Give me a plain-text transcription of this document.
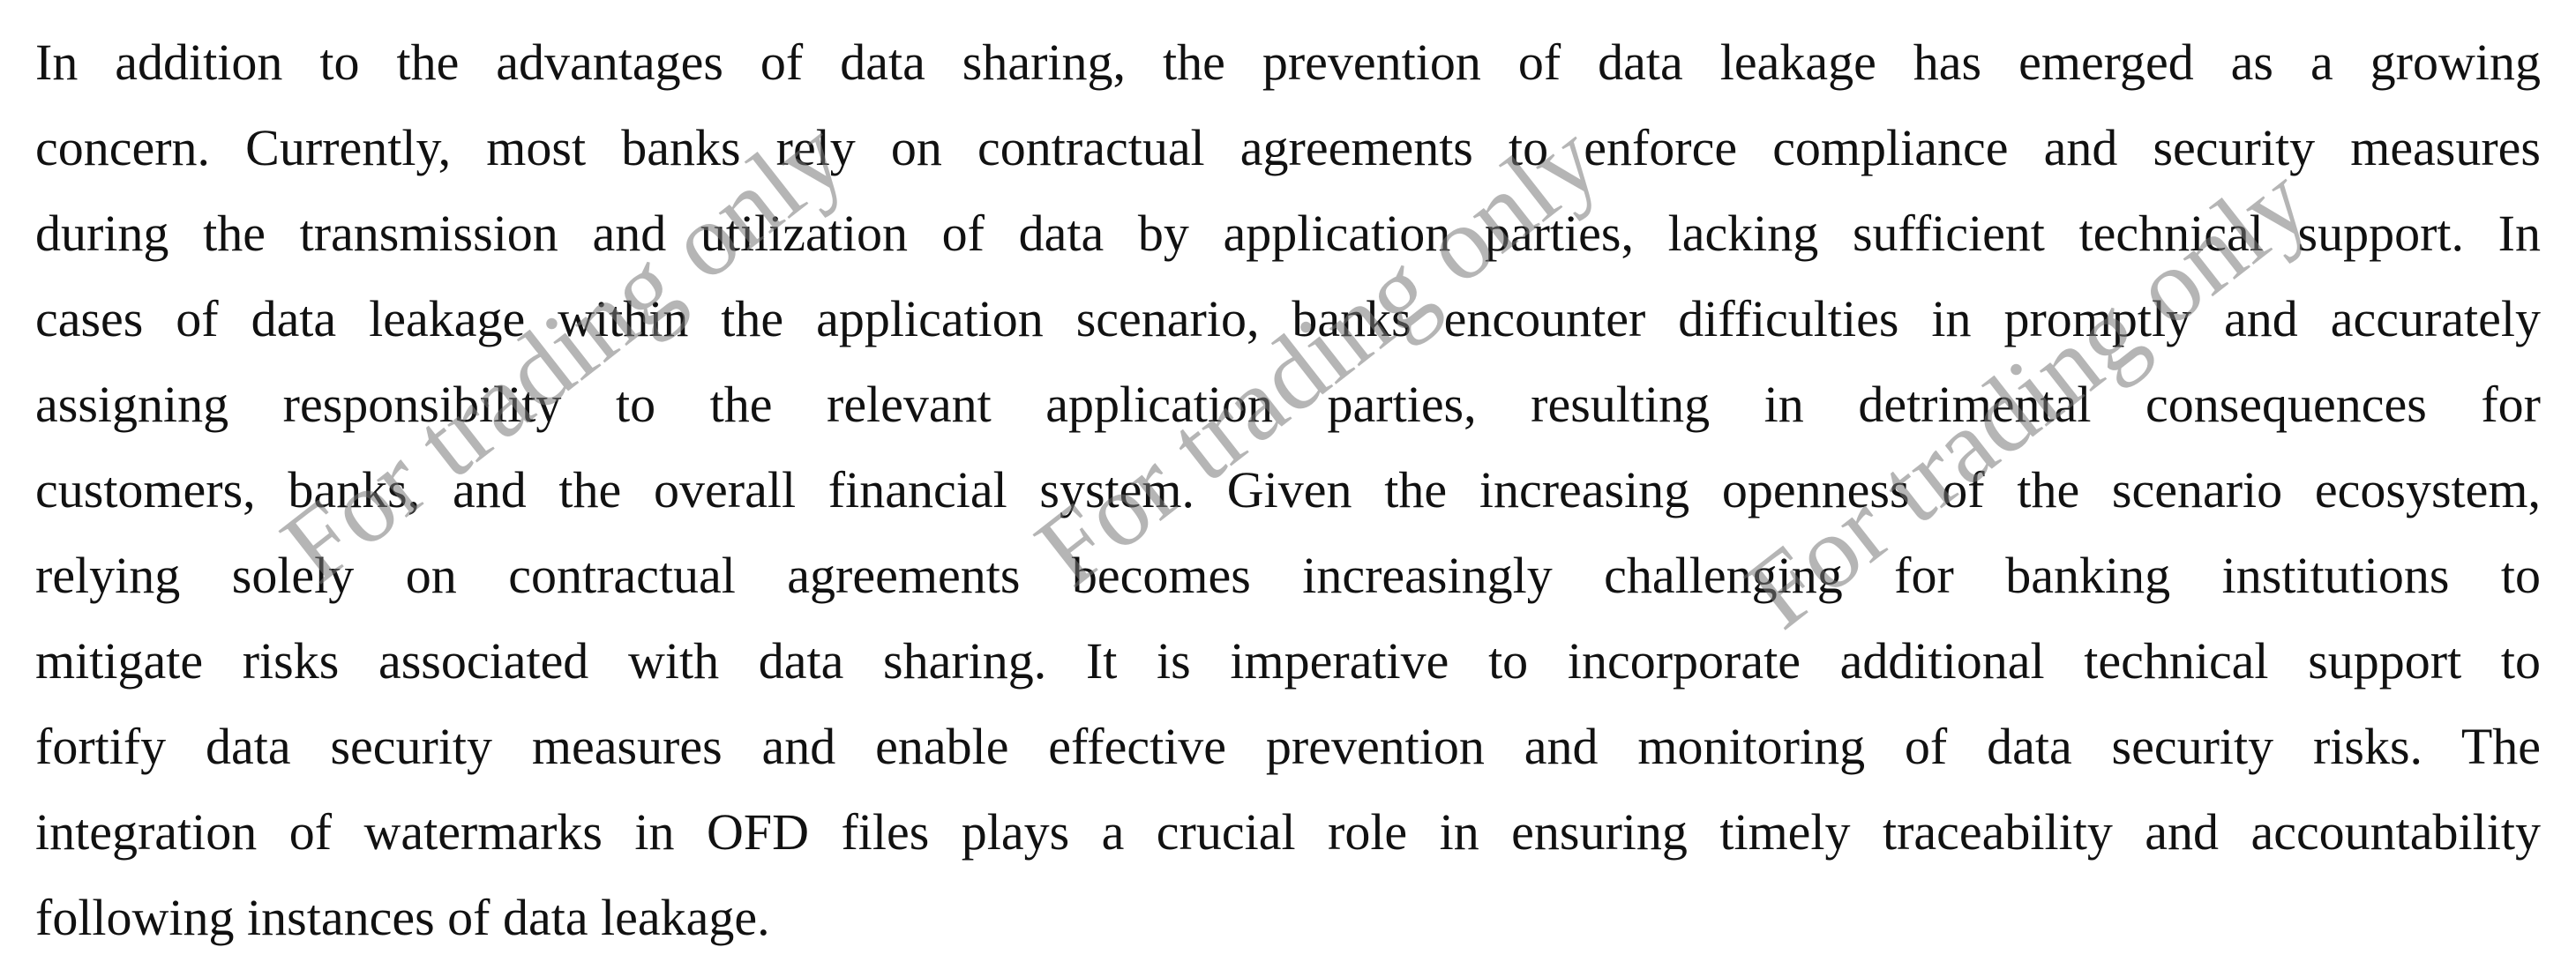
In addition to the advantages of data sharing, the prevention of data leakage has emerged as a growing
concern. Currently, most banks rely on contractual agreements to enforce compliance and security measures
during the transmission and utilization of data by application parties, lacking sufficient technical support. In
cases of data leakage within the application scenario, banks encounter difficulties in promptly and accurately
assigning responsibility to the relevant application parties, resulting in detrimental consequences for
customers, banks, and the overall financial system. Given the increasing openness of the scenario ecosystem,
relying solely on contractual agreements becomes increasingly challenging for banking institutions to
mitigate risks associated with data sharing. It is imperative to incorporate additional technical support to
fortify data security measures and enable effective prevention and monitoring of data security risks. The
integration of watermarks in OFD files plays a crucial role in ensuring timely traceability and accountability
following instances of data leakage.
For trading only For trading only For trading only
